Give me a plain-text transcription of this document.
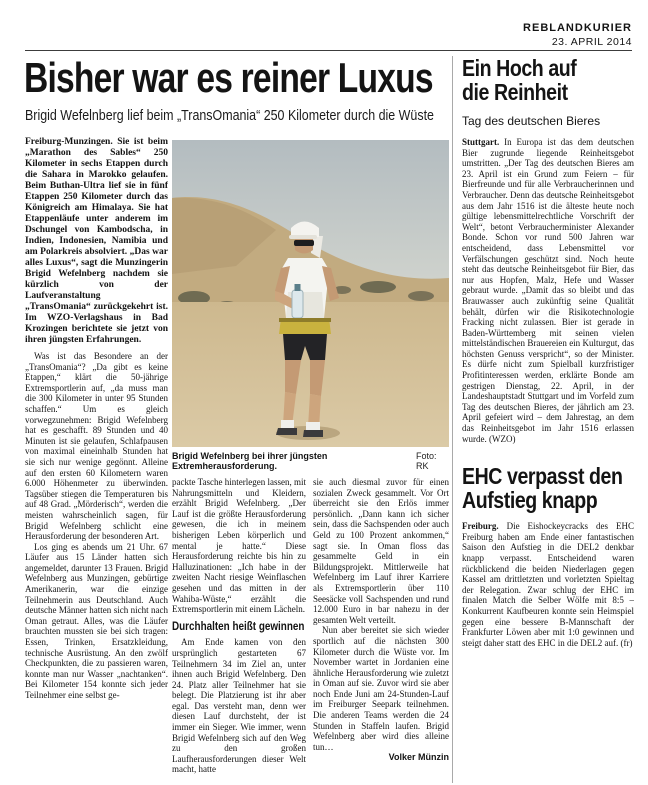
REBLANDKURIER
23. APRIL 2014
Bisher war es reiner Luxus
Brigid Wefelnberg lief beim „TransOmania“ 250 Kilometer durch die Wüste

Freiburg-Munzingen. Sie ist beim „Marathon des Sables“ 250 Kilometer in sechs Etappen durch die Sahara in Marokko gelaufen. Beim Buthan-Ultra lief sie in fünf Etappen 250 Kilometer durch das Königreich am Himalaya. Sie hat Etappenläufe unter anderem im Dschungel von Kambodscha, in Indien, Indonesien, Namibia und am Polarkreis absolviert. „Das war alles Luxus“, sagt die Munzingerin Brigid Wefelnberg nachdem sie kürzlich von der Laufveranstaltung „TransOmania“ zurückgekehrt ist. Im WZO-Verlagshaus in Bad Krozingen berichtete sie jetzt von ihren jüngsten Erfahrungen.

Was ist das Besondere an der „TransOmania“? „Da gibt es keine Etappen,“ klärt die 50-jährige Extremsportlerin auf, „da muss man die 300 Kilometer in unter 95 Stunden schaffen.“ Um es gleich vorwegzunehmen: Brigid Wefelnberg hat es geschafft. 89 Stunden und 40 Minuten ist sie gelaufen, Schlafpausen von maximal eineinhalb Stunden hat sie sich nur wenige gegönnt. Alleine auf den ersten 60 Kilometern waren 6.000 Höhenmeter zu überwinden. Tagsüber stiegen die Temperaturen bis auf 48 Grad. „Mörderisch“, werden die meisten wahrscheinlich sagen, für Brigid Wefelnberg schlicht eine Herausforderung der besonderen Art.

Los ging es abends um 21 Uhr. 67 Läufer aus 15 Länder hatten sich angemeldet, darunter 13 Frauen. Brigid Wefelnberg aus Munzingen, gebürtige Amerikanerin, war die einzige Teilnehmerin aus Deutschland. Auch deutsche Männer hatten sich nicht nach Oman getraut. Alles, was die Läufer brauchten mussten sie bei sich tragen: Essen, Trinken, Ersatzkleidung, technische Ausrüstung. An den zwölf Checkpunkten, die zu passieren waren, konnte man nur Wasser „nachtanken“. Bei Kilometer 154 konnte sich jeder Teilnehmer eine selbst ge-

Brigid Wefelnberg bei ihrer jüngsten Extremherausforderung.
Foto: RK

packte Tasche hinterlegen lassen, mit Nahrungsmitteln und Kleidern, erzählt Brigid Wefelnberg. „Der Lauf ist die größte Herausforderung gewesen, die ich in meinem bisherigen Leben körperlich und mental je hatte.“ Diese Herausforderung reichte bis hin zu Halluzinationen: „Ich habe in der zweiten Nacht riesige Weinflaschen gesehen und das mitten in der Wahiba-Wüste,“ erzählt die Extremsportlerin mit einem Lächeln.

Durchhalten heißt gewinnen

Am Ende kamen von den ursprünglich gestarteten 67 Teilnehmern 34 im Ziel an, unter ihnen auch Brigid Wefelnberg. Den 24. Platz aller Teilnehmer hat sie belegt. Die Platzierung ist ihr aber egal. Das versteht man, denn wer diesen Lauf durchsteht, der ist immer ein Sieger. Wie immer, wenn Brigid Wefelnberg sich auf den Weg zu den großen Laufherausforderungen dieser Welt macht, hatte

sie auch diesmal zuvor für einen sozialen Zweck gesammelt. Vor Ort überreicht sie den Erlös immer persönlich. „Dann kann ich sicher sein, dass die Sachspenden oder auch Geld zu 100 Prozent ankommen,“ sagt sie. In Oman floss das gesammelte Geld in ein Bildungsprojekt. Mittlerweile hat Wefelnberg im Lauf ihrer Karriere als Extremsportlerin über 110 Seesäcke voll Sachspenden und rund 12.000 Euro in bar nahezu in der gesamten Welt verteilt.

Nun aber bereitet sie sich wieder sportlich auf die nächsten 300 Kilometer durch die Wüste vor. Im November wartet in Jordanien eine ähnliche Herausforderung wie zuletzt in Oman auf sie. Zuvor wird sie aber noch Ende Juni am 24-Stunden-Lauf im Freiburger Seepark teilnehmen. Die anderen Teams werden die 24 Stunden in Staffeln laufen. Brigid Wefelnberg aber wird dies alleine tun…

Volker Münzin

Ein Hoch auf
die Reinheit
Tag des deutschen Bieres

Stuttgart. In Europa ist das dem deutschen Bier zugrunde liegende Reinheitsgebot umstritten. „Der Tag des deutschen Bieres am 23. April ist ein Grund zum Feiern – für Bierfreunde und für alle Verbraucherinnen und Verbraucher. Denn das deutsche Reinheitsgebot aus dem Jahr 1516 ist die älteste heute noch gültige lebensmittelrechtliche Vorschrift der Welt“, betont Verbraucherminister Alexander Bonde. Schon vor rund 500 Jahren war entscheidend, dass Lebensmittel vor Verfälschungen geschützt sind. Noch heute steht das deutsche Reinheitsgebot für Bier, das nur aus Hopfen, Malz, Hefe und Wasser gebraut wurde. „Damit das so bleibt und das Brauwasser auch zukünftig seine Qualität behält, dürfen wir die Risikotechnologie Fracking nicht zulassen. Bier ist gerade in Baden-Württemberg mit seinen vielen mittelständischen Brauereien ein Kulturgut, das höchsten Genuss verspricht“, so der Minister. Es dürfe nicht zum Spielball kurzfristiger Profitinteressen werden, erklärte Bonde am gestrigen Dienstag, 22. April, in der Landeshauptstadt Stuttgart und im Vorfeld zum Tag des deutschen Bieres, der jährlich am 23. April gefeiert wird – dem Jahrestag, an dem das Reinheitsgebot im Jahr 1516 erlassen wurde. (WZO)

EHC verpasst den
Aufstieg knapp

Freiburg. Die Eishockeycracks des EHC Freiburg haben am Ende einer fantastischen Saison den Aufstieg in die DEL2 denkbar knapp verpasst. Entscheidend waren rückblickend die beiden Niederlagen gegen Kassel am drittletzten und vorletzten Spieltag der Relegation. Zwar schlug der EHC im finalen Match die Selber Wölfe mit 8:5 – Konkurrent Kaufbeuren konnte sein Heimspiel gegen eine bessere B-Mannschaft der Frankfurter Löwen aber mit 1:0 gewinnen und steigt daher statt des EHC in die DEL2 auf. (fr)
